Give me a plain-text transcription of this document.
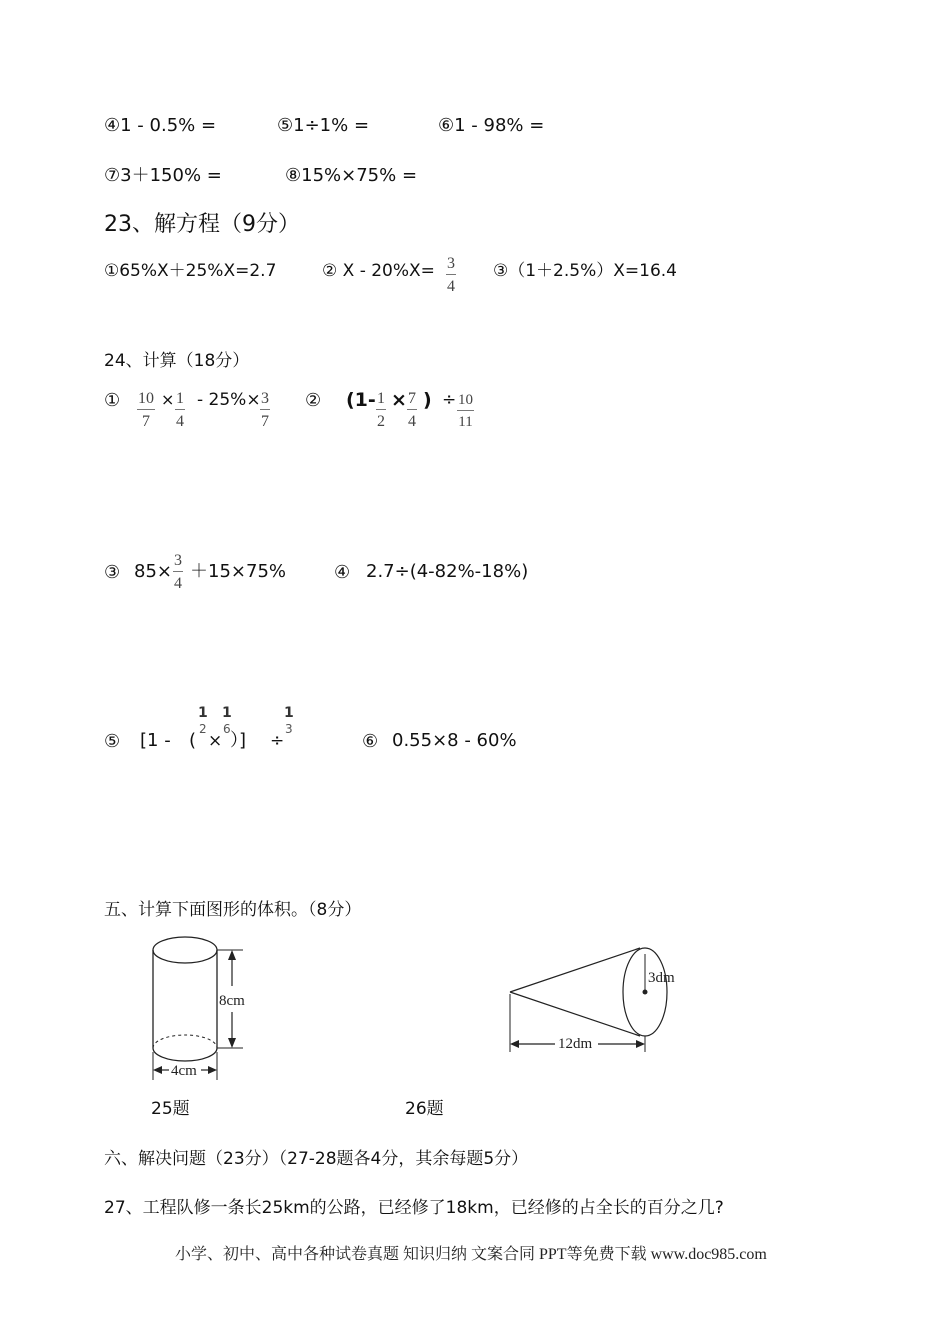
④1 - 0.5% =	⑤1÷1% =	⑥1 - 98% =
⑦3＋150% =	⑧15%×75% =
23、解方程（9分）
①65%X＋25%X=2.7	② $X - 20\%X= \frac{3}{4}$ ③（1＋2.5%）X=16.4
24、计算（18分）
① $\frac{10}{7} \times \frac{1}{4} - 25\%\times \frac{3}{7}$ ② ($1- \frac{1}{2} \times \frac{7}{4}$ ) ÷ $\frac{10}{11}$
③ $85\times \frac{3}{4} +15\times 75\%$	④ 2.7÷(4-82%-18%)
⑤ [1 - (
1
2
×
1
6
）] ÷
1
3
⑥ 0.55×8 - 60%
五、计算下面图形的体积。（8分）
8cm
4cm
3dm
12dm
25题	26题
六、解决问题（23分）（27-28题各4分，其余每题5分）
27、工程队修一条长25km的公路，已经修了18km，已经修的占全长的百分之几?
小学、初中、高中各种试卷真题 知识归纳 文案合同 PPT等免费下载 www.doc985.com
